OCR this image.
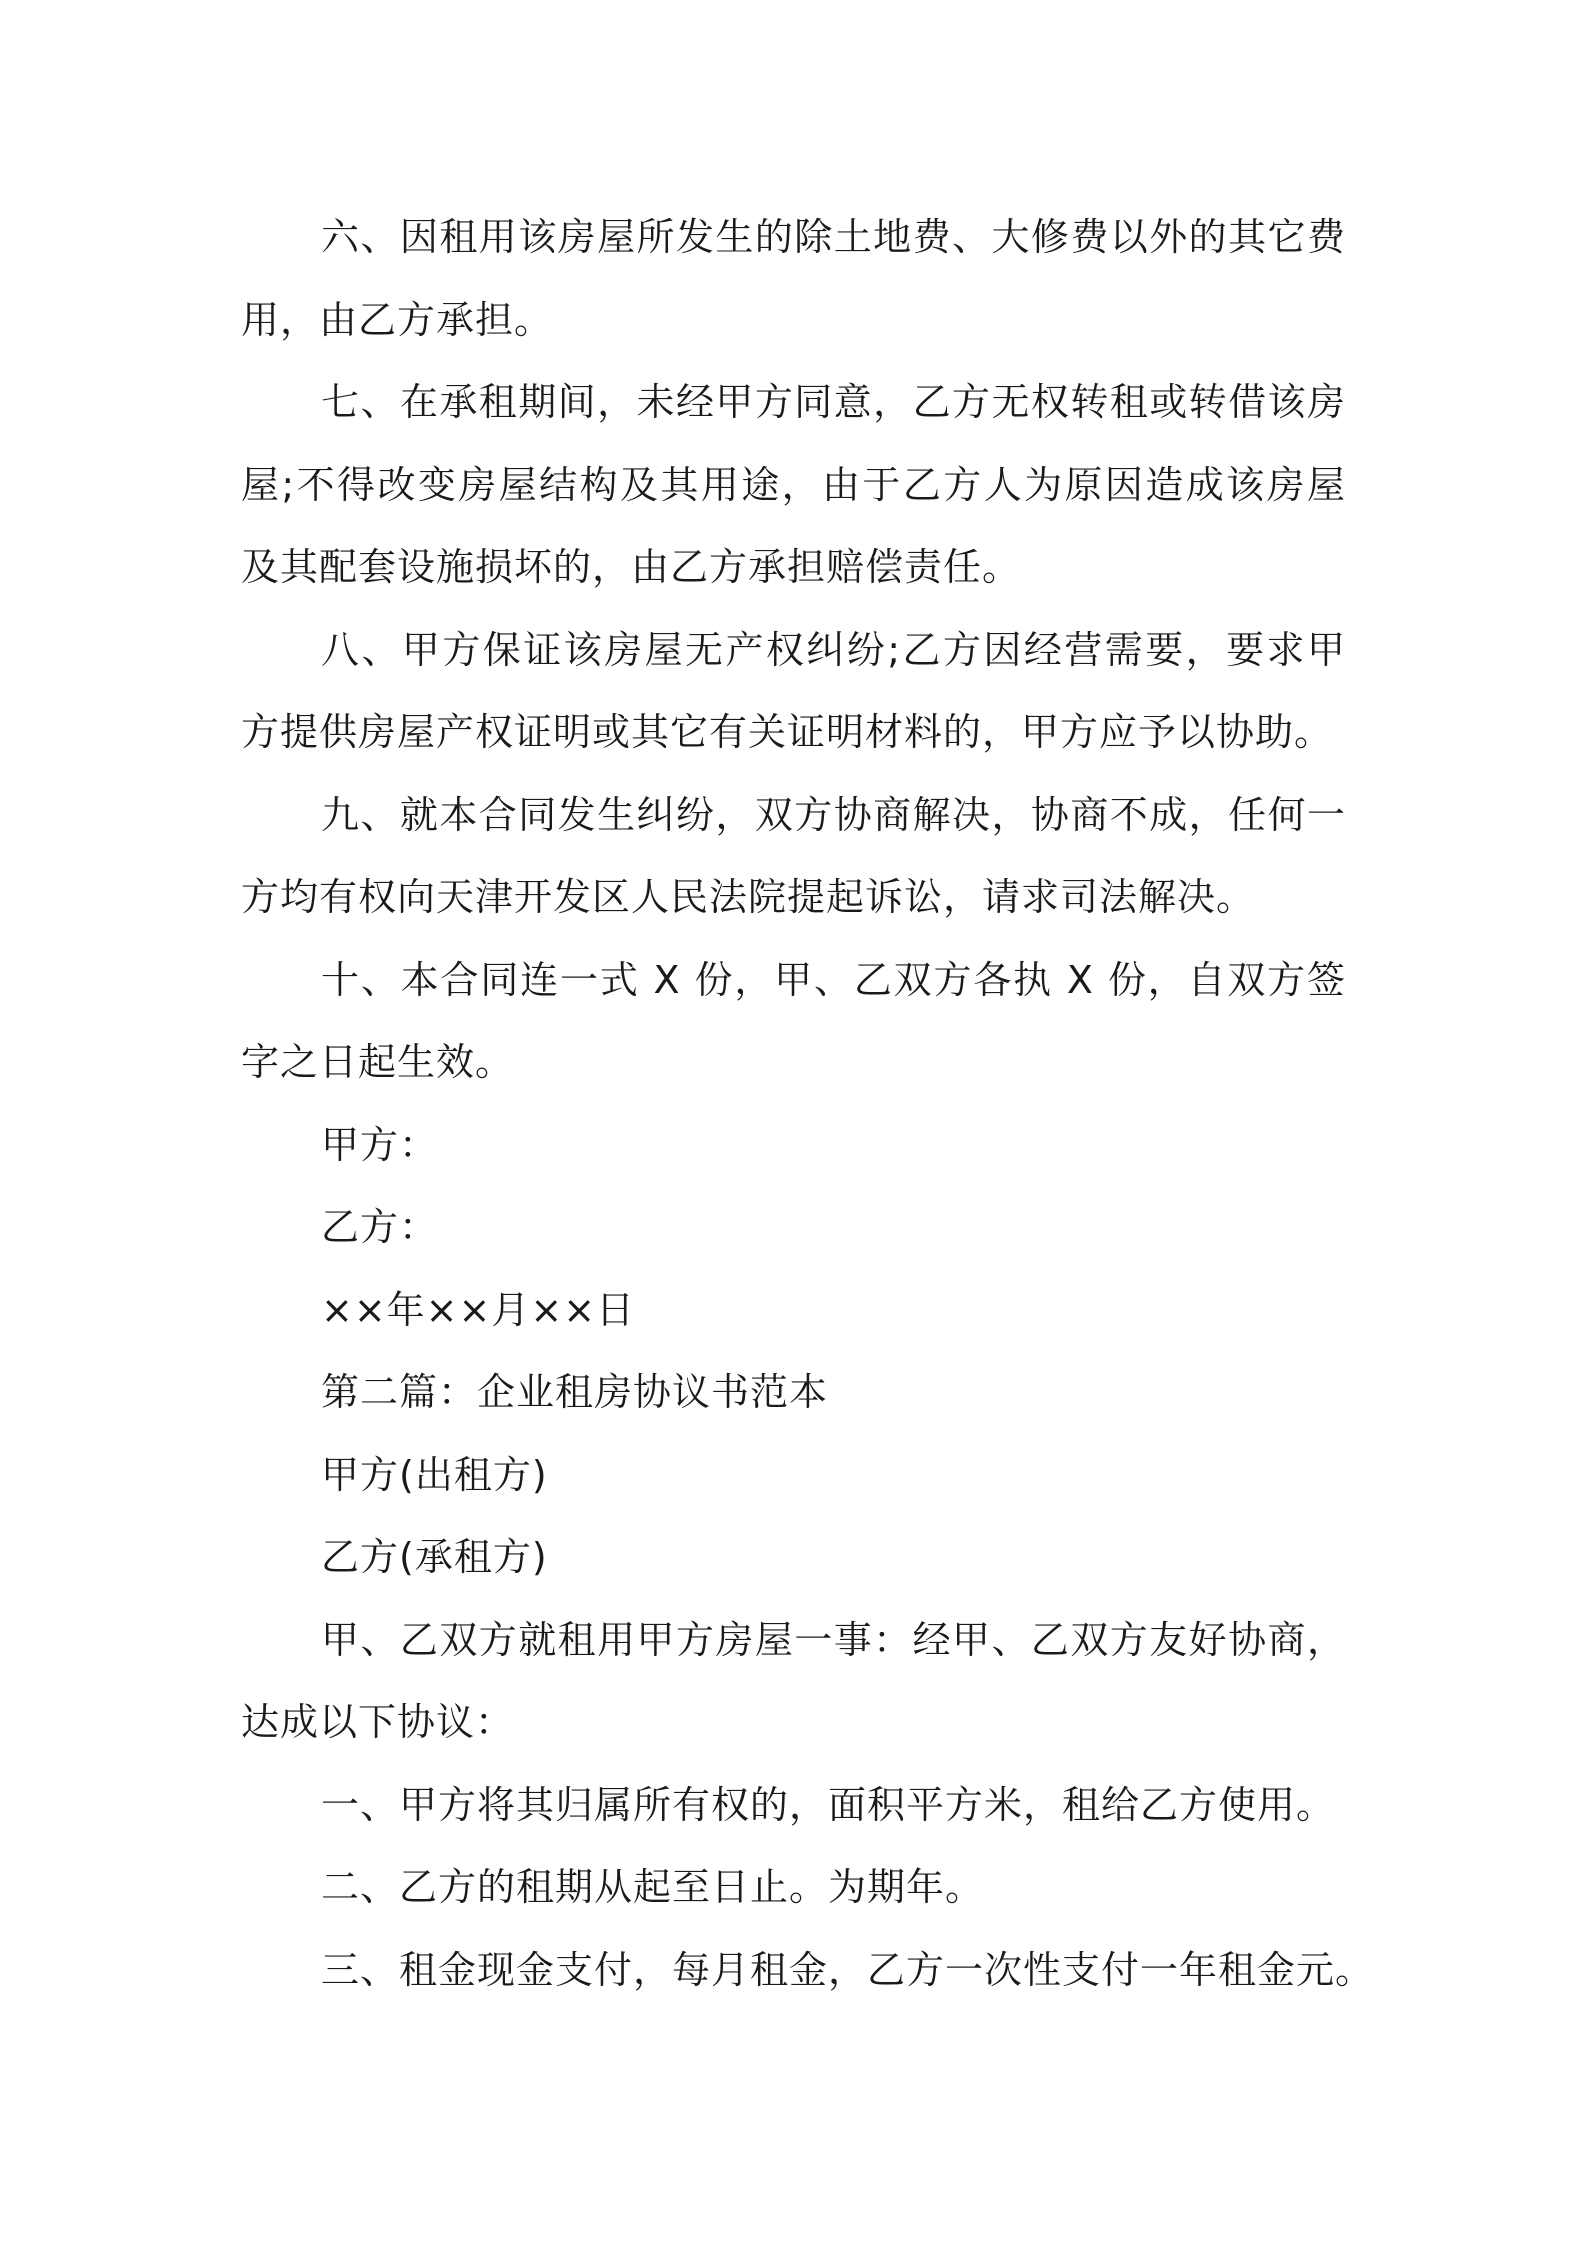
六、因租用该房屋所发生的除土地费、大修费以外的其它费用，由乙方承担。

七、在承租期间，未经甲方同意，乙方无权转租或转借该房屋;不得改变房屋结构及其用途，由于乙方人为原因造成该房屋及其配套设施损坏的，由乙方承担赔偿责任。

八、甲方保证该房屋无产权纠纷;乙方因经营需要，要求甲方提供房屋产权证明或其它有关证明材料的，甲方应予以协助。

九、就本合同发生纠纷，双方协商解决，协商不成，任何一方均有权向天津开发区人民法院提起诉讼，请求司法解决。

十、本合同连一式 X 份，甲、乙双方各执 X 份，自双方签字之日起生效。

甲方：

乙方：

××年××月××日

第二篇：企业租房协议书范本

甲方(出租方)

乙方(承租方)

甲、乙双方就租用甲方房屋一事：经甲、乙双方友好协商，达成以下协议：

一、甲方将其归属所有权的，面积平方米，租给乙方使用。

二、乙方的租期从起至日止。为期年。

三、租金现金支付，每月租金，乙方一次性支付一年租金元。
